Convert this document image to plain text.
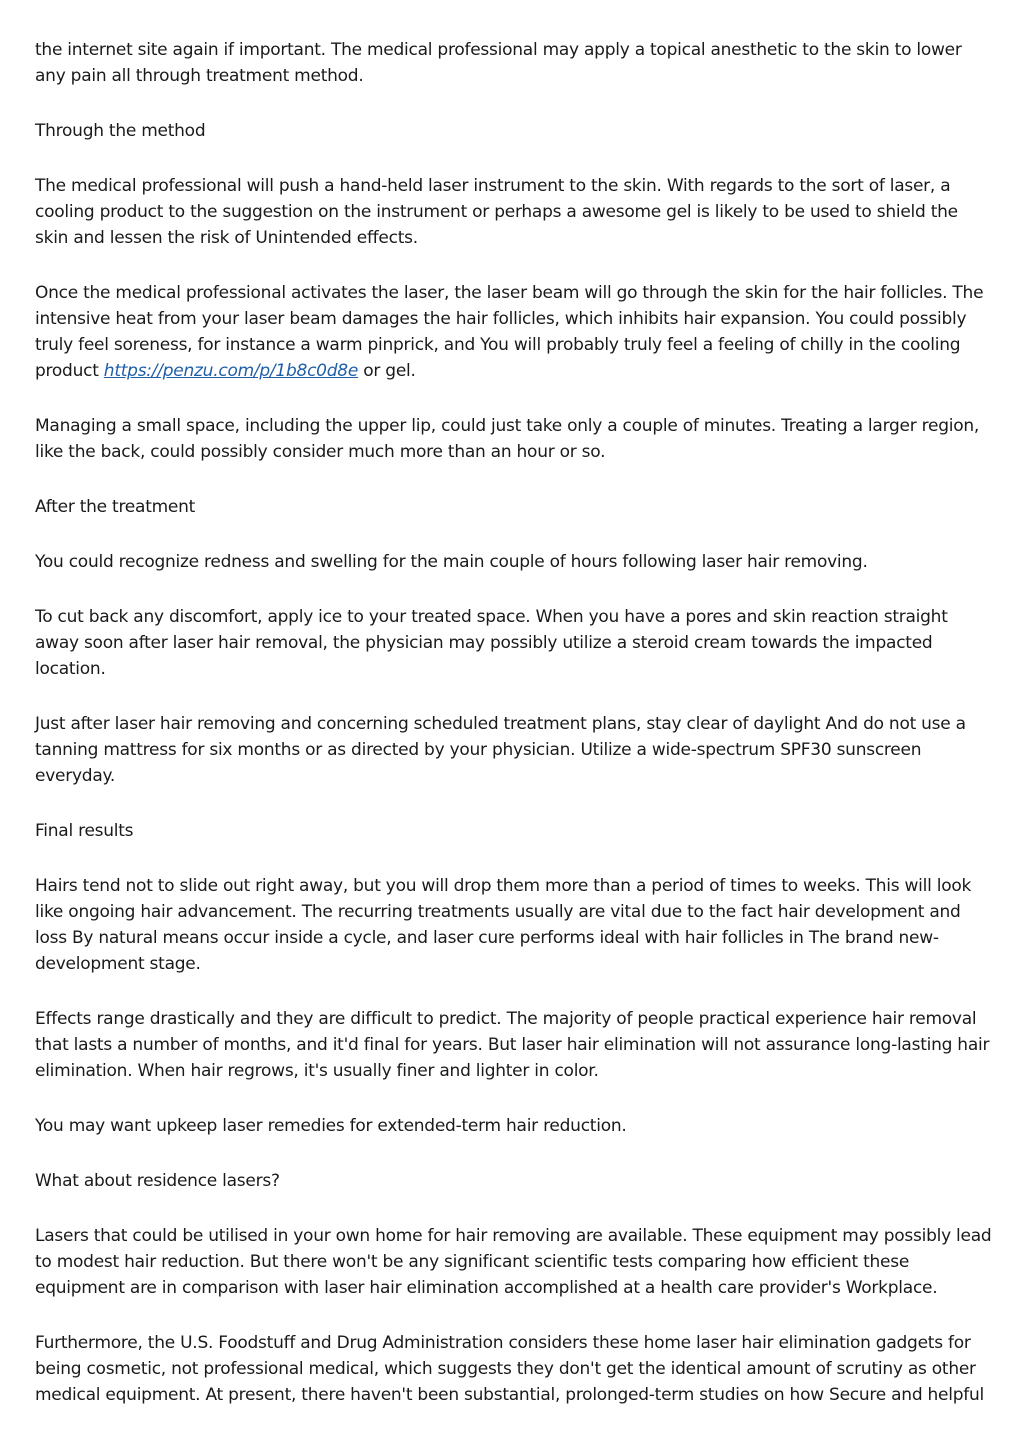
the internet site again if important. The medical professional may apply a topical anesthetic to the skin to lower any pain all through treatment method.

Through the method

The medical professional will push a hand-held laser instrument to the skin. With regards to the sort of laser, a cooling product to the suggestion on the instrument or perhaps a awesome gel is likely to be used to shield the skin and lessen the risk of Unintended effects.

Once the medical professional activates the laser, the laser beam will go through the skin for the hair follicles. The intensive heat from your laser beam damages the hair follicles, which inhibits hair expansion. You could possibly truly feel soreness, for instance a warm pinprick, and You will probably truly feel a feeling of chilly in the cooling product https://penzu.com/p/1b8c0d8e or gel.

Managing a small space, including the upper lip, could just take only a couple of minutes. Treating a larger region, like the back, could possibly consider much more than an hour or so.

After the treatment

You could recognize redness and swelling for the main couple of hours following laser hair removing.

To cut back any discomfort, apply ice to your treated space. When you have a pores and skin reaction straight away soon after laser hair removal, the physician may possibly utilize a steroid cream towards the impacted location.

Just after laser hair removing and concerning scheduled treatment plans, stay clear of daylight And do not use a tanning mattress for six months or as directed by your physician. Utilize a wide-spectrum SPF30 sunscreen everyday.

Final results

Hairs tend not to slide out right away, but you will drop them more than a period of times to weeks. This will look like ongoing hair advancement. The recurring treatments usually are vital due to the fact hair development and loss By natural means occur inside a cycle, and laser cure performs ideal with hair follicles in The brand new-development stage.

Effects range drastically and they are difficult to predict. The majority of people practical experience hair removal that lasts a number of months, and it'd final for years. But laser hair elimination will not assurance long-lasting hair elimination. When hair regrows, it's usually finer and lighter in color.

You may want upkeep laser remedies for extended-term hair reduction.

What about residence lasers?

Lasers that could be utilised in your own home for hair removing are available. These equipment may possibly lead to modest hair reduction. But there won't be any significant scientific tests comparing how efficient these equipment are in comparison with laser hair elimination accomplished at a health care provider's Workplace.

Furthermore, the U.S. Foodstuff and Drug Administration considers these home laser hair elimination gadgets for being cosmetic, not professional medical, which suggests they don't get the identical amount of scrutiny as other medical equipment. At present, there haven't been substantial, prolonged-term studies on how Secure and helpful
